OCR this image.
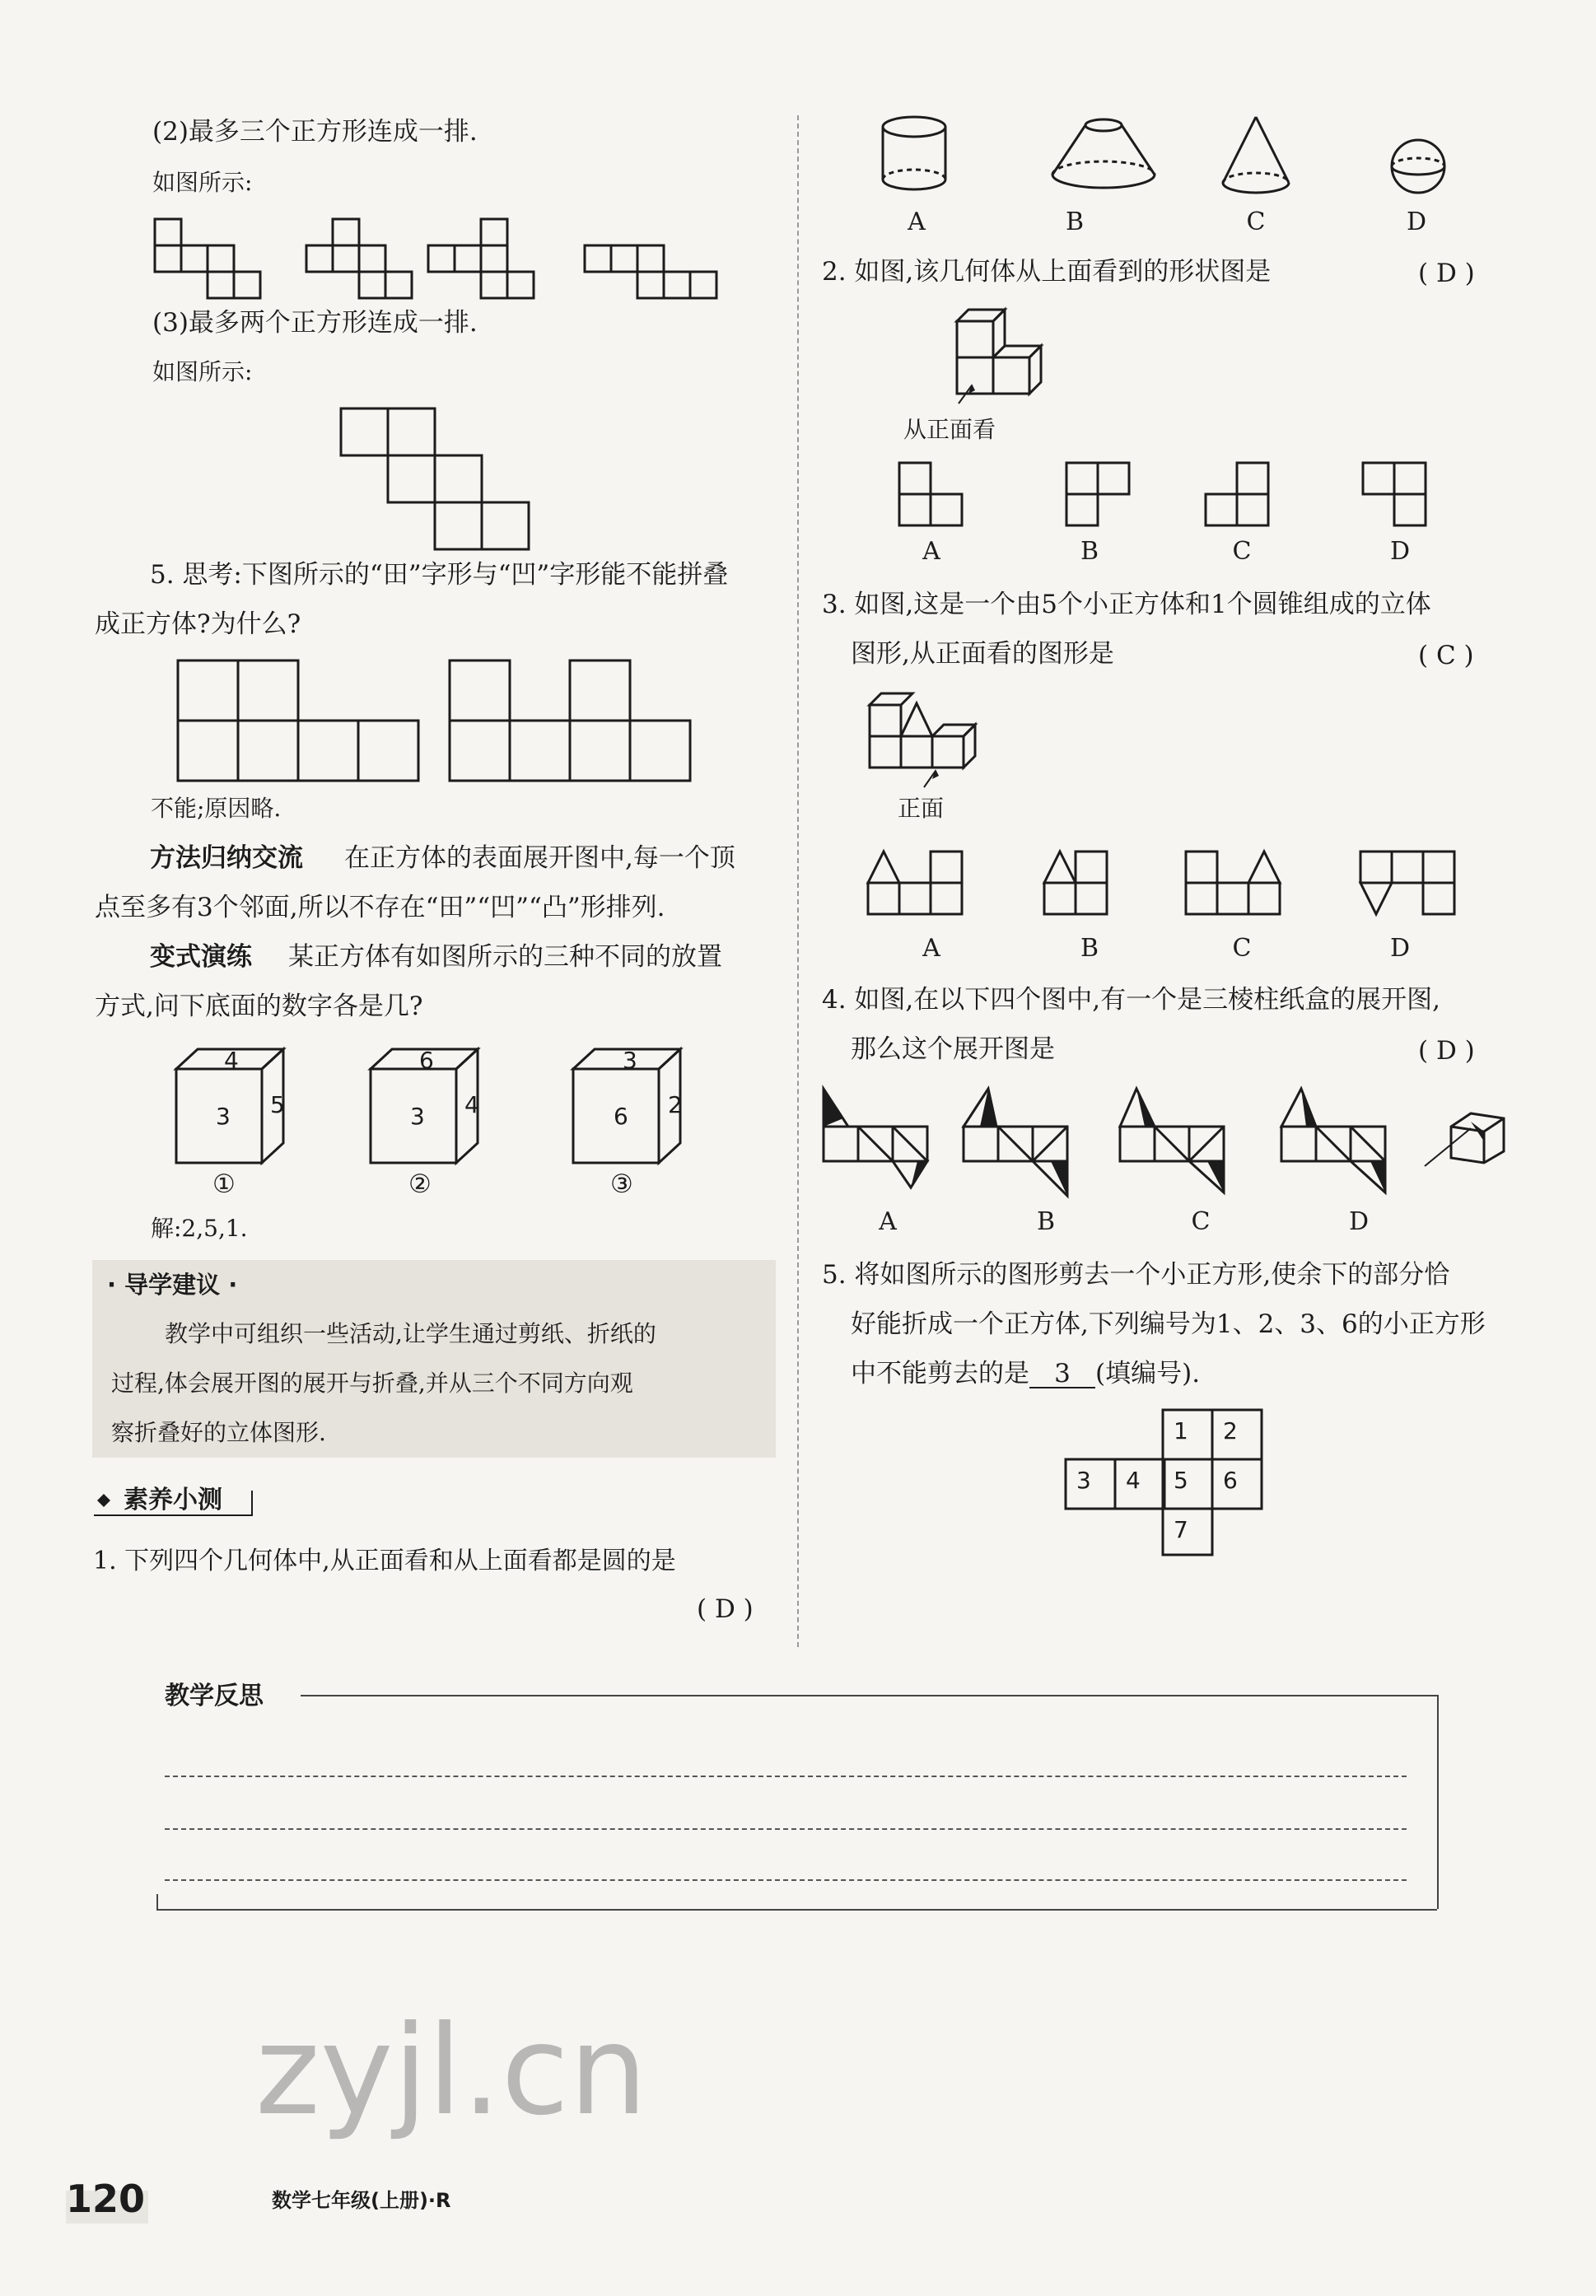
(2)最多三个正方形连成一排.
如图所示:
(3)最多两个正方形连成一排.
如图所示:
5. 思考:下图所示的“田”字形与“凹”字形能不能拼叠
成正方体?为什么?
不能;原因略.
方法归纳交流 在正方体的表面展开图中,每一个顶
点至多有3个邻面,所以不存在“田”“凹”“凸”形排列.
变式演练 某正方体有如图所示的三种不同的放置
方式,问下底面的数字各是几?
4
3 5
6
3 4
3
6 2
①	②	③
解:2,5,1.
· 导学建议 ·
教学中可组织一些活动,让学生通过剪纸、折纸的
过程,体会展开图的展开与折叠,并从三个不同方向观
察折叠好的立体图形.
素养小测
1. 下列四个几何体中,从正面看和从上面看都是圆的是
( D )
A	B	C	D
2. 如图,该几何体从上面看到的形状图是	( D )
从正面看
A	B	C	D
3. 如图,这是一个由5个小正方体和1个圆锥组成的立体
图形,从正面看的图形是	( C )
正面
A	B	C	D
4. 如图,在以下四个图中,有一个是三棱柱纸盒的展开图,
那么这个展开图是	( D )
A	B	C	D
5. 将如图所示的图形剪去一个小正方形,使余下的部分恰
好能折成一个正方体,下列编号为1、2、3、6的小正方形
中不能剪去的是 3 (填编号).
1 2
3 4 5 6
7
教学反思
120	数学七年级(上册)·R
zyjl.cn
